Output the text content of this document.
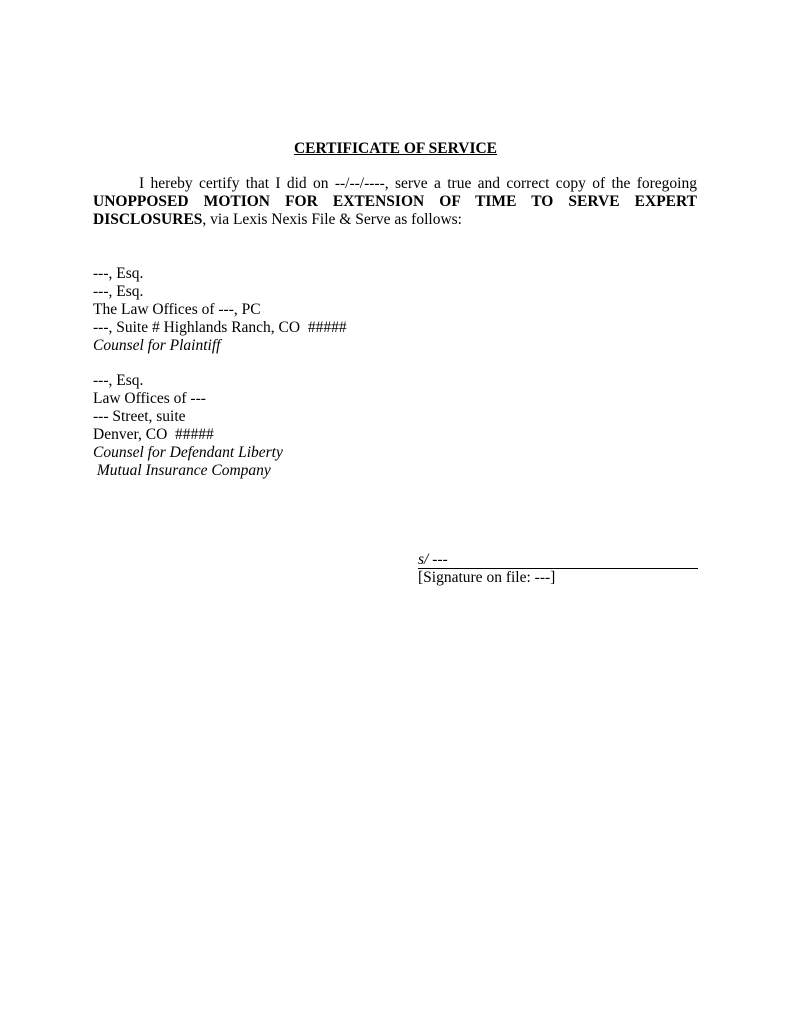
CERTIFICATE OF SERVICE
I hereby certify that I did on --/--/----, serve a true and correct copy of the foregoing
UNOPPOSED MOTION FOR EXTENSION OF TIME TO SERVE EXPERT
DISCLOSURES, via Lexis Nexis File & Serve as follows:
---, Esq.
---, Esq.
The Law Offices of ---, PC
---, Suite # Highlands Ranch, CO  #####
Counsel for Plaintiff
---, Esq.
Law Offices of ---
--- Street, suite
Denver, CO  #####
Counsel for Defendant Liberty
Mutual Insurance Company
s/ ---
[Signature on file: ---]
